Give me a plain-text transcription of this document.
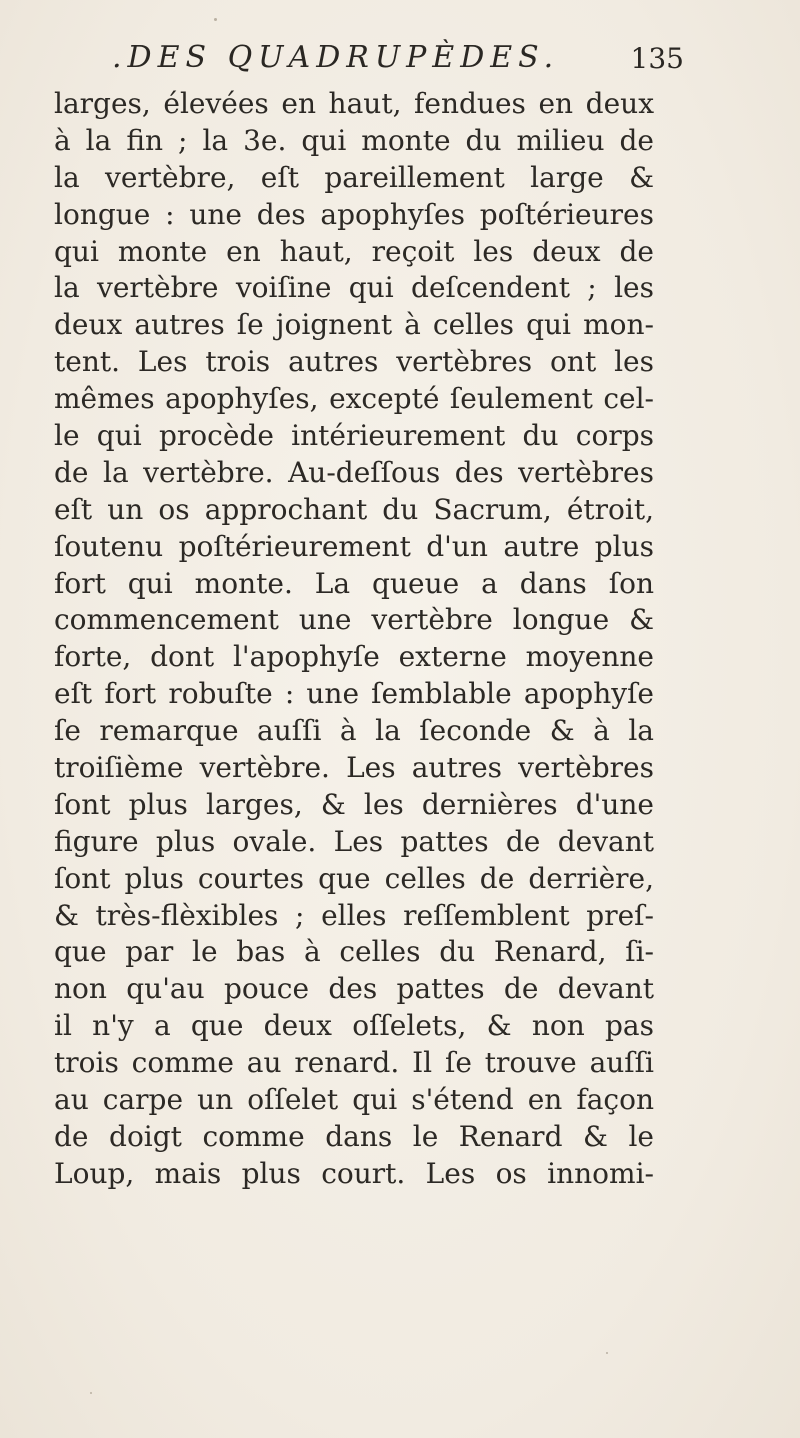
.DES QUADRUPÈDES.	135
larges, élevées en haut, fendues en deux
à la fin ; la 3e. qui monte du milieu de
la vertèbre, eſt pareillement large &
longue : une des apophyſes poſtérieures
qui monte en haut, reçoit les deux de
la vertèbre voiſine qui deſcendent ; les
deux autres ſe joignent à celles qui mon-
tent. Les trois autres vertèbres ont les
mêmes apophyſes, excepté ſeulement cel-
le qui procède intérieurement du corps
de la vertèbre. Au-deſſous des vertèbres
eſt un os approchant du Sacrum, étroit,
ſoutenu poſtérieurement d'un autre plus
fort qui monte. La queue a dans ſon
commencement une vertèbre longue &
forte, dont l'apophyſe externe moyenne
eſt fort robuſte : une ſemblable apophyſe
ſe remarque auſſi à la ſeconde & à la
troiſième vertèbre. Les autres vertèbres
ſont plus larges, & les dernières d'une
figure plus ovale. Les pattes de devant
ſont plus courtes que celles de derrière,
& très-flèxibles ; elles reſſemblent preſ-
que par le bas à celles du Renard, ſi-
non qu'au pouce des pattes de devant
il n'y a que deux oſſelets, & non pas
trois comme au renard. Il ſe trouve auſſi
au carpe un oſſelet qui s'étend en façon
de doigt comme dans le Renard & le
Loup, mais plus court. Les os innomi-
